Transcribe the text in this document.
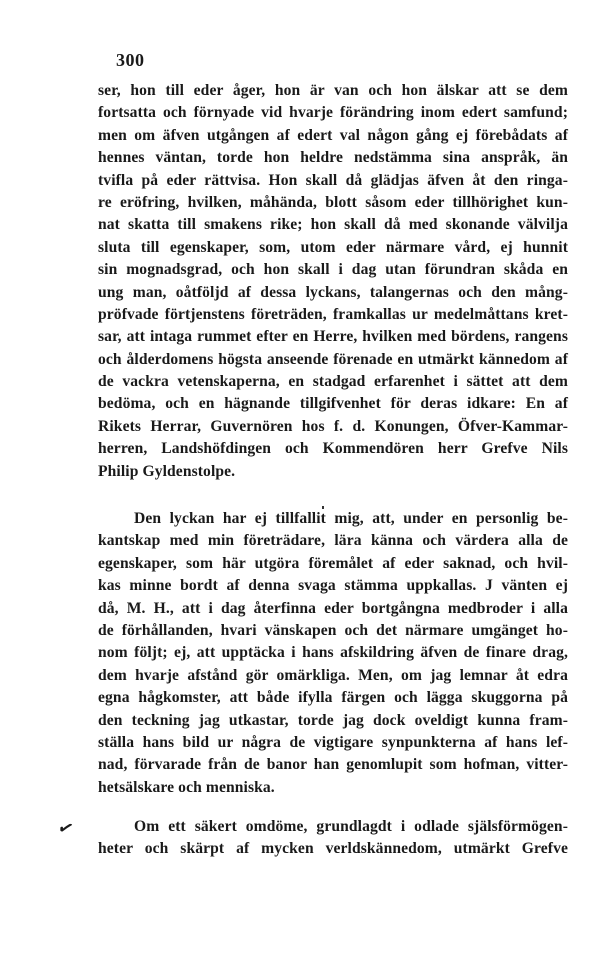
300
ser, hon till eder åger, hon är van och hon älskar att se dem
fortsatta och förnyade vid hvarje förändring inom edert samfund;
men om äfven utgången af edert val någon gång ej förebådats af
hennes väntan, torde hon heldre nedstämma sina anspråk, än
tvifla på eder rättvisa. Hon skall då glädjas äfven åt den ringa-
re eröfring, hvilken, måhända, blott såsom eder tillhörighet kun-
nat skatta till smakens rike; hon skall då med skonande välvilja
sluta till egenskaper, som, utom eder närmare vård, ej hunnit
sin mognadsgrad, och hon skall i dag utan förundran skåda en
ung man, oåtföljd af dessa lyckans, talangernas och den mång-
pröfvade förtjenstens företräden, framkallas ur medelmåttans kret-
sar, att intaga rummet efter en Herre, hvilken med bördens, rangens
och ålderdomens högsta anseende förenade en utmärkt kännedom af
de vackra vetenskaperna, en stadgad erfarenhet i sättet att dem
bedöma, och en hägnande tillgifvenhet för deras idkare: En af
Rikets Herrar, Guvernören hos f. d. Konungen, Öfver-Kammar-
herren, Landshöfdingen och Kommendören herr Grefve Nils
Philip Gyldenstolpe.
Den lyckan har ej tillfallit mig, att, under en personlig be-
kantskap med min företrädare, lära känna och värdera alla de
egenskaper, som här utgöra föremålet af eder saknad, och hvil-
kas minne bordt af denna svaga stämma uppkallas. J vänten ej
då, M. H., att i dag återfinna eder bortgångna medbroder i alla
de förhållanden, hvari vänskapen och det närmare umgänget ho-
nom följt; ej, att upptäcka i hans afskildring äfven de finare drag,
dem hvarje afstånd gör omärkliga. Men, om jag lemnar åt edra
egna hågkomster, att både ifylla färgen och lägga skuggorna på
den teckning jag utkastar, torde jag dock oveldigt kunna fram-
ställa hans bild ur några de vigtigare synpunkterna af hans lef-
nad, förvarade från de banor han genomlupit som hofman, vitter-
hetsälskare och menniska.
✓	Om ett säkert omdöme, grundlagdt i odlade själsförmögen-
heter och skärpt af mycken verldskännedom, utmärkt Grefve
